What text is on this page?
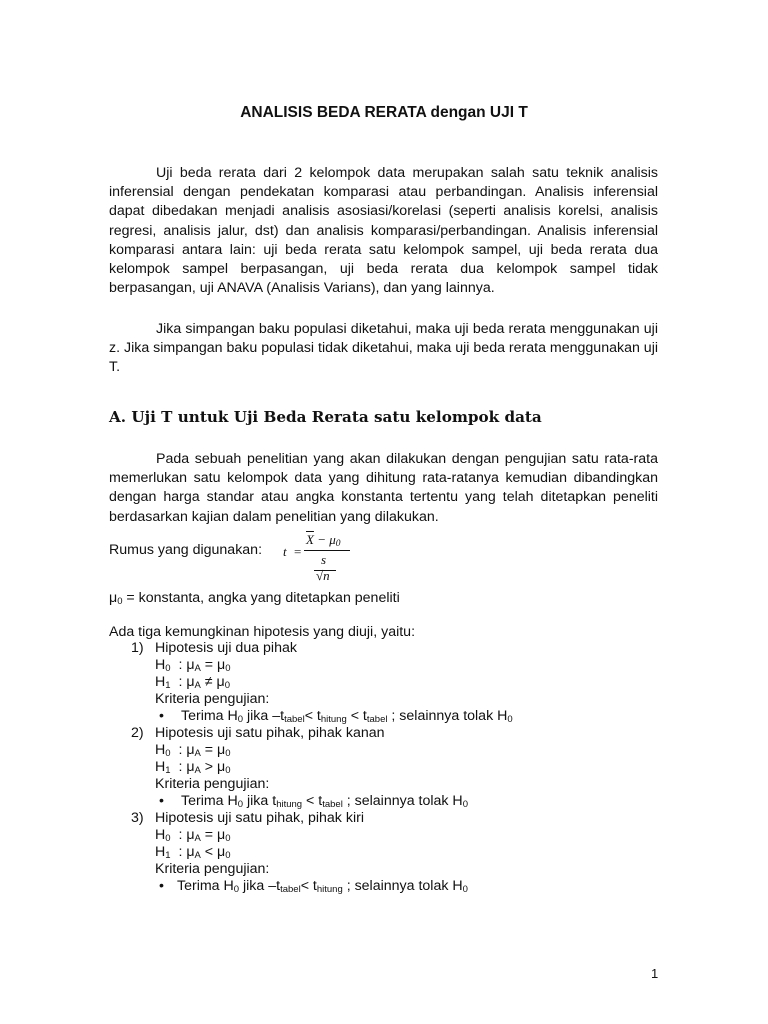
ANALISIS BEDA RERATA dengan UJI T

Uji beda rerata dari 2 kelompok data merupakan salah satu teknik analisis inferensial dengan pendekatan komparasi atau perbandingan. Analisis inferensial dapat dibedakan menjadi analisis asosiasi/korelasi (seperti analisis korelsi, analisis regresi, analisis jalur, dst) dan analisis komparasi/perbandingan. Analisis inferensial komparasi antara lain: uji beda rerata satu kelompok sampel, uji beda rerata dua kelompok sampel berpasangan, uji beda rerata dua kelompok sampel tidak berpasangan, uji ANAVA (Analisis Varians), dan yang lainnya.

Jika simpangan baku populasi diketahui, maka uji beda rerata menggunakan uji z. Jika simpangan baku populasi tidak diketahui, maka uji beda rerata menggunakan uji T.

A. Uji T untuk Uji Beda Rerata satu kelompok data

Pada sebuah penelitian yang akan dilakukan dengan pengujian satu rata-rata memerlukan satu kelompok data yang dihitung rata-ratanya kemudian dibandingkan dengan harga standar atau angka konstanta tertentu yang telah ditetapkan peneliti berdasarkan kajian dalam penelitian yang dilakukan.

Rumus yang digunakan: t =
$\overline{X} - \mu_0$
s
√n
$\mu_0$ = konstanta, angka yang ditetapkan peneliti
Ada tiga kemungkinan hipotesis yang diuji, yaitu:
1) Hipotesis uji dua pihak
$H_0$ : $\mu_A = \mu_0$
$H_1$ : $\mu_A \ne \mu_0$
Kriteria pengujian:
• Terima $H_0$ jika $-t_{tabel}< t_{hitung} < t_{tabel}$ ; selainnya tolak $H_0$
2) Hipotesis uji satu pihak, pihak kanan
$H_0$ : $\mu_A = \mu_0$
$H_1$ : $\mu_A > \mu_0$
Kriteria pengujian:
• Terima $H_0$ jika $t_{hitung} < t_{tabel}$ ; selainnya tolak $H_0$
3) Hipotesis uji satu pihak, pihak kiri
$H_0$ : $\mu_A = \mu_0$
$H_1$ : $\mu_A < \mu_0$
Kriteria pengujian:
• Terima $H_0$ jika $-t_{tabel}< t_{hitung}$ ; selainnya tolak $H_0$
1
